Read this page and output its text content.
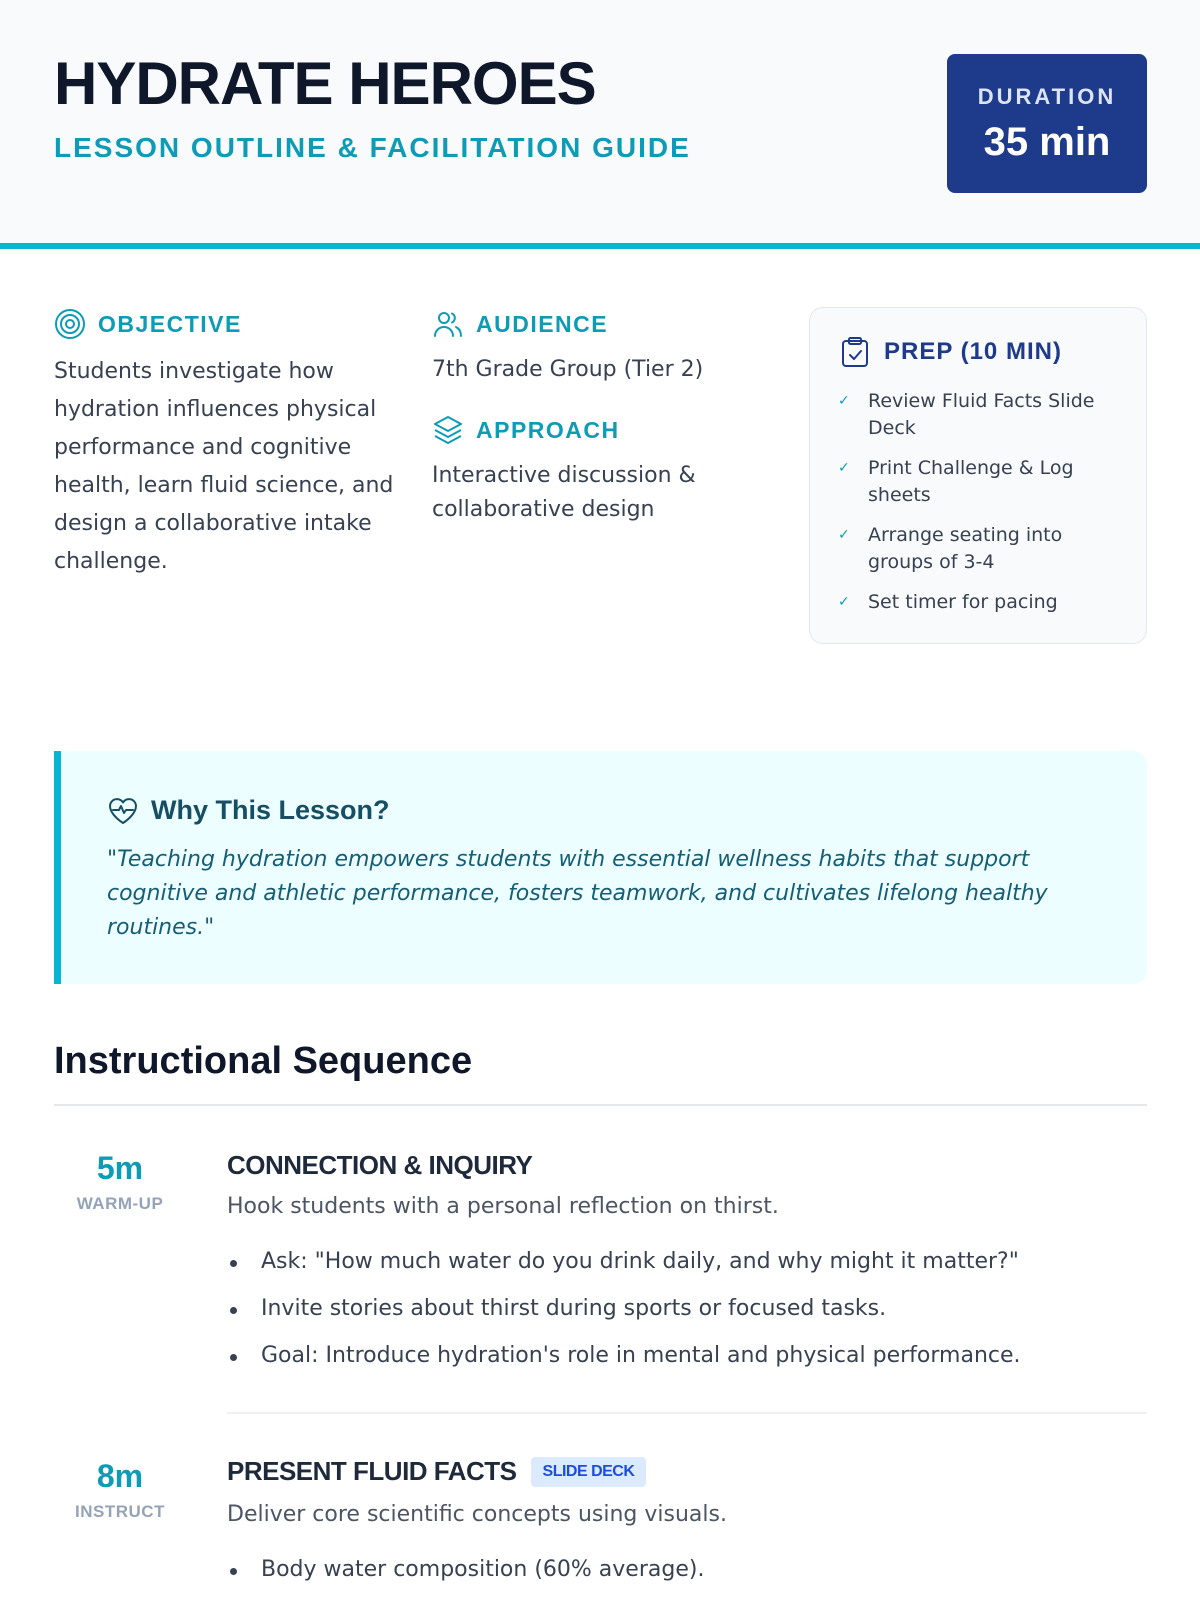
HYDRATE HEROES
LESSON OUTLINE & FACILITATION GUIDE
DURATION
35 min
OBJECTIVE
Students investigate how hydration influences physical performance and cognitive health, learn fluid science, and design a collaborative intake challenge.
AUDIENCE
7th Grade Group (Tier 2)
APPROACH
Interactive discussion & collaborative design
PREP (10 MIN)
✓ Review Fluid Facts Slide Deck
✓ Print Challenge & Log sheets
✓ Arrange seating into groups of 3-4
✓ Set timer for pacing
Why This Lesson?
"Teaching hydration empowers students with essential wellness habits that support cognitive and athletic performance, fosters teamwork, and cultivates lifelong healthy routines."
Instructional Sequence
5m
WARM-UP
CONNECTION & INQUIRY
Hook students with a personal reflection on thirst.
Ask: "How much water do you drink daily, and why might it matter?"
Invite stories about thirst during sports or focused tasks.
Goal: Introduce hydration's role in mental and physical performance.
8m
INSTRUCT
PRESENT FLUID FACTS	SLIDE DECK
Deliver core scientific concepts using visuals.
Body water composition (60% average).
